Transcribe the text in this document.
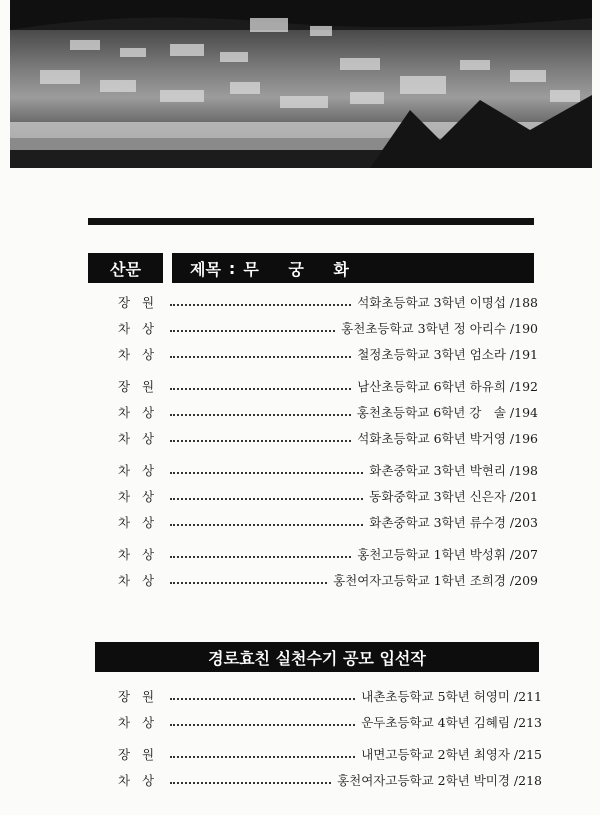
산문	제목 : 무 궁 화
장 원	석화초등학교 3학년 이명섭 /188
차 상	홍천초등학교 3학년 정 아리수 /190
차 상	철정초등학교 3학년 엄소라 /191
장 원	남산초등학교 6학년 하유희 /192
차 상	홍천초등학교 6학년 강　솔 /194
차 상	석화초등학교 6학년 박거영 /196
차 상	화촌중학교 3학년 박현리 /198
차 상	동화중학교 3학년 신은자 /201
차 상	화촌중학교 3학년 류수경 /203
차 상	홍천고등학교 1학년 박성휘 /207
차 상	홍천여자고등학교 1학년 조희경 /209
경로효친 실천수기 공모 입선작
장 원	내촌초등학교 5학년 허영미 /211
차 상	운두초등학교 4학년 김혜림 /213
장 원	내면고등학교 2학년 최영자 /215
차 상	홍천여자고등학교 2학년 박미경 /218
